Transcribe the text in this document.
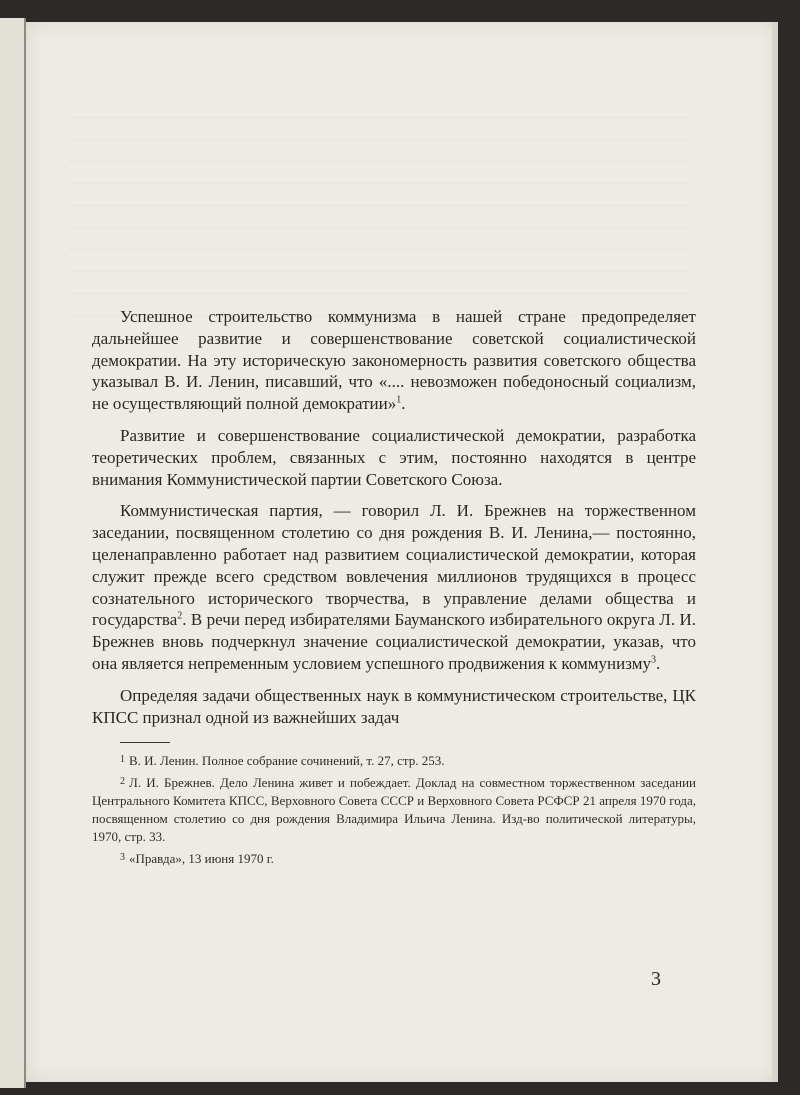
Успешное строительство коммунизма в нашей стране предопределяет дальнейшее развитие и совершенствование советской социалистической демократии. На эту историческую закономерность развития советского общества указывал В. И. Ленин, писавший, что «.... невозможен победоносный социализм, не осуществляющий полной демократии»$^1$.

Развитие и совершенствование социалистической демократии, разработка теоретических проблем, связанных с этим, постоянно находятся в центре внимания Коммунистической партии Советского Союза.

Коммунистическая партия, — говорил Л. И. Брежнев на торжественном заседании, посвященном столетию со дня рождения В. И. Ленина,— постоянно, целенаправленно работает над развитием социалистической демократии, которая служит прежде всего средством вовлечения миллионов трудящихся в процесс сознательного исторического творчества, в управление делами общества и государства$^2$. В речи перед избирателями Бауманского избирательного округа Л. И. Брежнев вновь подчеркнул значение социалистической демократии, указав, что она является непременным условием успешного продвижения к коммунизму$^3$.

Определяя задачи общественных наук в коммунистическом строительстве, ЦК КПСС признал одной из важнейших задач

$^1$ В. И. Ленин. Полное собрание сочинений, т. 27, стр. 253.

$^2$ Л. И. Брежнев. Дело Ленина живет и побеждает. Доклад на совместном торжественном заседании Центрального Комитета КПСС, Верховного Совета СССР и Верховного Совета РСФСР 21 апреля 1970 года, посвященном столетию со дня рождения Владимира Ильича Ленина. Изд-во политической литературы, 1970, стр. 33.

$^3$ «Правда», 13 июня 1970 г.

3
